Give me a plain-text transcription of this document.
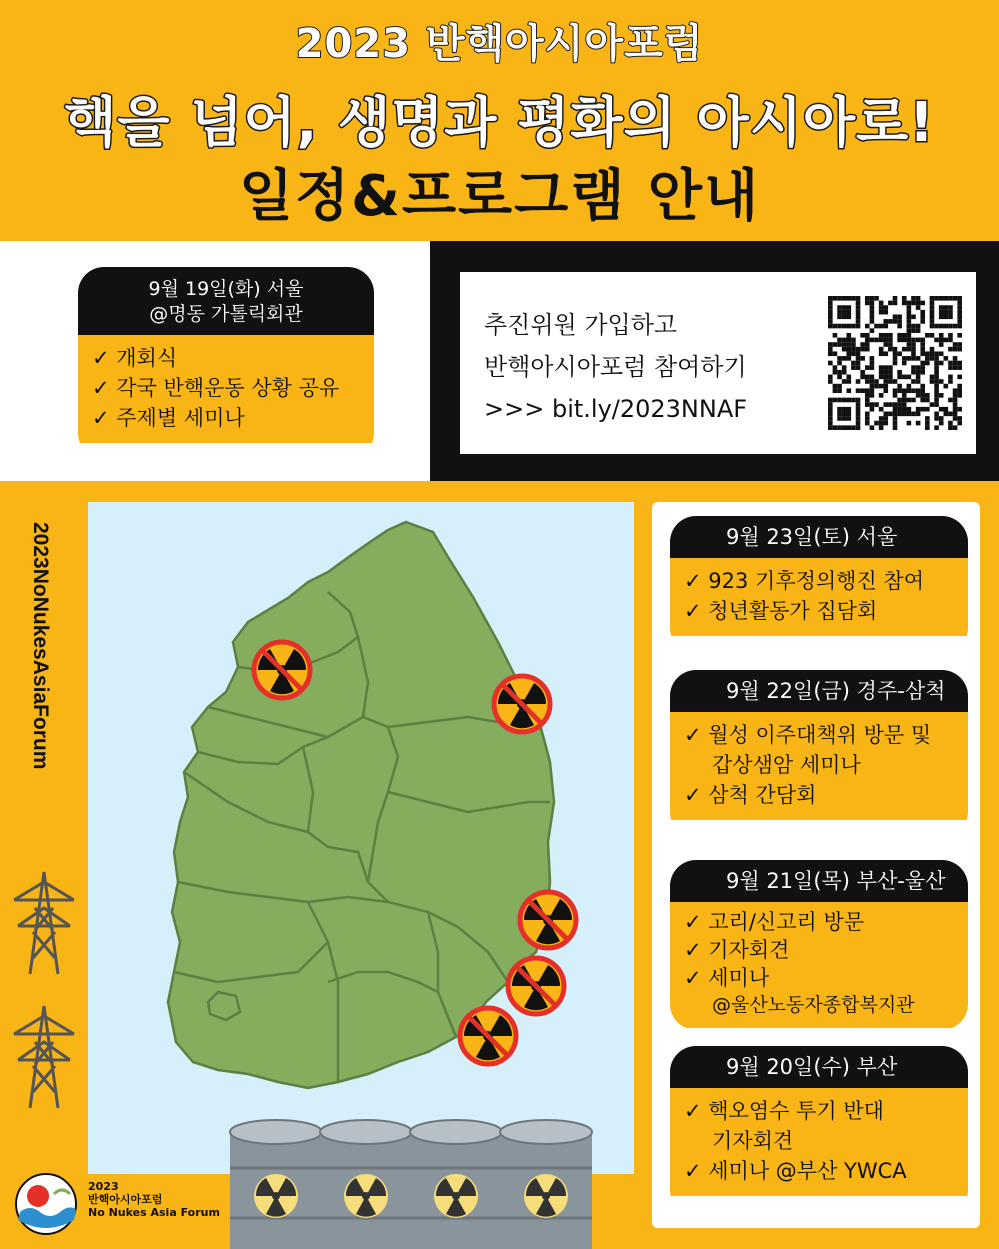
2023 반핵아시아포럼
핵을 넘어, 생명과 평화의 아시아로!
일정&프로그램 안내
9월 19일(화) 서울
@명동 가톨릭회관
✓ 개회식
✓ 각국 반핵운동 상황 공유
✓ 주제별 세미나
추진위원 가입하고
반핵아시아포럼 참여하기
>>> bit.ly/2023NNAF
2023NoNukesAsiaForum	9월 23일(토) 서울
✓ 923 기후정의행진 참여
✓ 청년활동가 집담회
9월 22일(금) 경주-삼척
✓ 월성 이주대책위 방문 및
갑상샘암 세미나
✓ 삼척 간담회
9월 21일(목) 부산-울산
✓ 고리/신고리 방문
✓ 기자회견
✓ 세미나
@울산노동자종합복지관
9월 20일(수) 부산
✓ 핵오염수 투기 반대
기자회견
✓ 세미나 @부산 YWCA
2023
반핵아시아포럼
No Nukes Asia Forum
